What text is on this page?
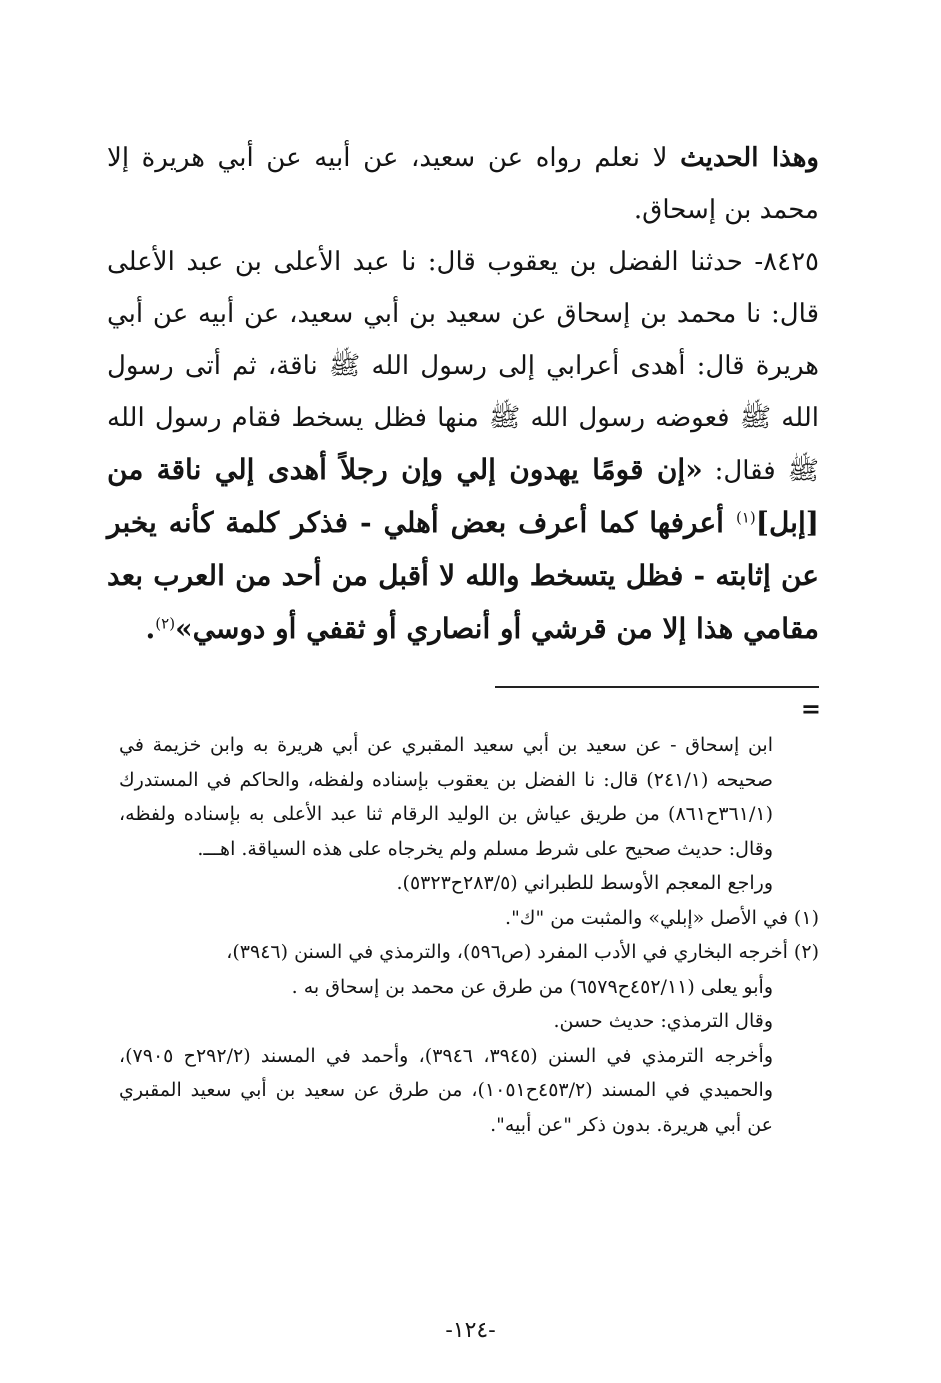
وهذا الحديث لا نعلم رواه عن سعيد، عن أبيه عن أبي هريرة إلا محمد بن إسحاق.

٨٤٢٥- حدثنا الفضل بن يعقوب قال: نا عبد الأعلى بن عبد الأعلى قال: نا محمد بن إسحاق عن سعيد بن أبي سعيد، عن أبيه عن أبي هريرة قال: أهدى أعرابي إلى رسول الله ﷺ ناقة، ثم أتى رسول الله ﷺ فعوضه رسول الله ﷺ منها فظل يسخط فقام رسول الله ﷺ فقال: «إن قومًا يهدون إلي وإن رجلاً أهدى إلي ناقة من [إبل]$^{(١)}$ أعرفها كما أعرف بعض أهلي - فذكر كلمة كأنه يخبر عن إثابته - فظل يتسخط والله لا أقبل من أحد من العرب بعد مقامي هذا إلا من قرشي أو أنصاري أو ثقفي أو دوسي»$^{(٢)}$.

=

ابن إسحاق - عن سعيد بن أبي سعيد المقبري عن أبي هريرة به وابن خزيمة في صحيحه (٢٤١/١) قال: نا الفضل بن يعقوب بإسناده ولفظه، والحاكم في المستدرك (٣٦١/١ح٨٦١) من طريق عياش بن الوليد الرقام ثنا عبد الأعلى به بإسناده ولفظه، وقال: حديث صحيح على شرط مسلم ولم يخرجاه على هذه السياقة. اهـــ.

وراجع المعجم الأوسط للطبراني (٢٨٣/٥ح٥٣٢٣).

(١) في الأصل «إبلي» والمثبت من "ك".

(٢) أخرجه البخاري في الأدب المفرد (ص٥٩٦)، والترمذي في السنن (٣٩٤٦)،

وأبو يعلى (٤٥٢/١١ح٦٥٧٩) من طرق عن محمد بن إسحاق به .

وقال الترمذي: حديث حسن.

وأخرجه الترمذي في السنن (٣٩٤٥، ٣٩٤٦)، وأحمد في المسند (٢٩٢/٢ح ٧٩٠٥)، والحميدي في المسند (٤٥٣/٢ح١٠٥١)، من طرق عن سعيد بن أبي سعيد المقبري عن أبي هريرة. بدون ذكر "عن أبيه".

-١٢٤-
